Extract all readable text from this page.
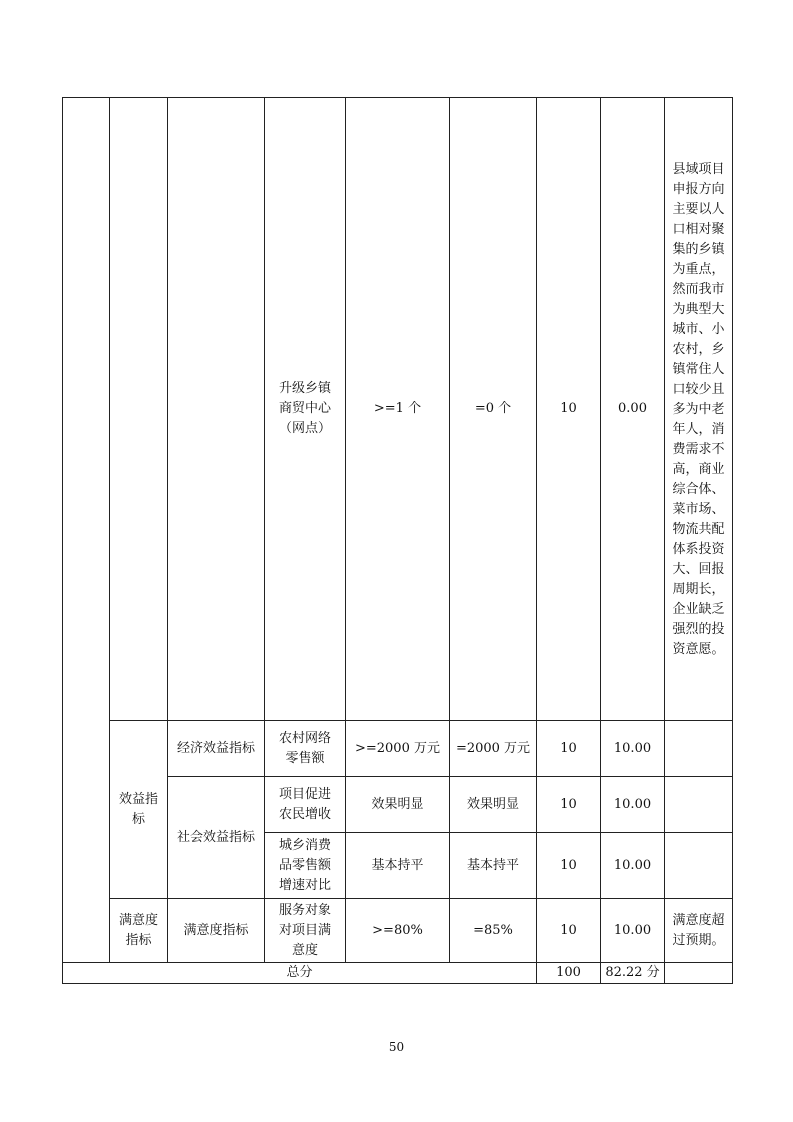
			升级乡镇商贸中心（网点）	>=1 个	=0 个	10	0.00	县域项目申报方向主要以人口相对聚集的乡镇为重点，然而我市为典型大城市、小农村，乡镇常住人口较少且多为中老年人，消费需求不高，商业综合体、菜市场、物流共配体系投资大、回报周期长，企业缺乏强烈的投资意愿。

	效益指标	经济效益指标	农村网络零售额	>=2000 万元	=2000 万元	10	10.00	
		社会效益指标	项目促进农民增收	效果明显	效果明显	10	10.00	

			城乡消费品零售额增速对比	基本持平	基本持平	10	10.00	

	满意度指标	满意度指标	服务对象对项目满意度	>=80%	=85%	10	10.00	满意度超过预期。

总分						100	82.22 分	
50
